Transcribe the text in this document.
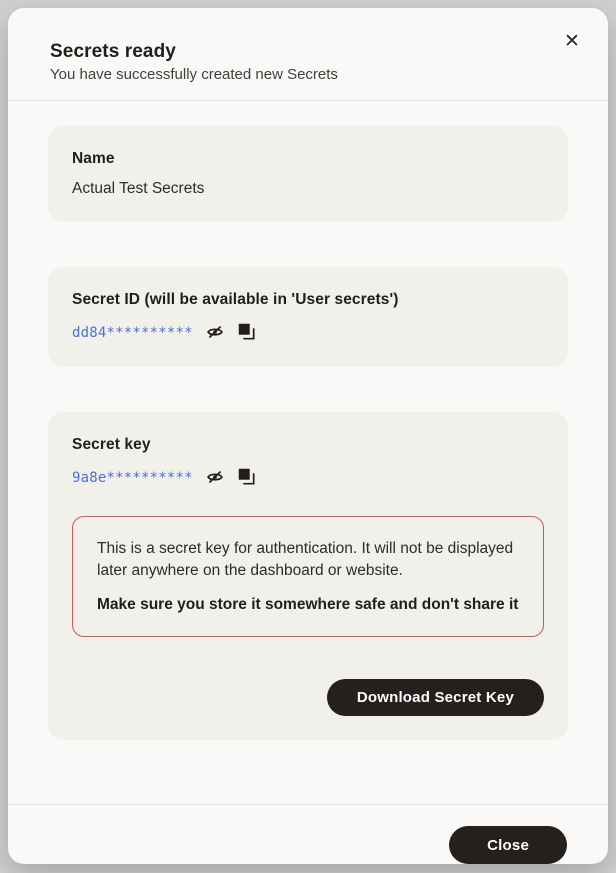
Secrets ready
You have successfully created new Secrets
✕
Name
Actual Test Secrets
Secret ID (will be available in 'User secrets')
dd84**********
Secret key
9a8e**********
This is a secret key for authentication. It will not be displayed later anywhere on the dashboard or website.
Make sure you store it somewhere safe and don't share it
Download Secret Key
Close
